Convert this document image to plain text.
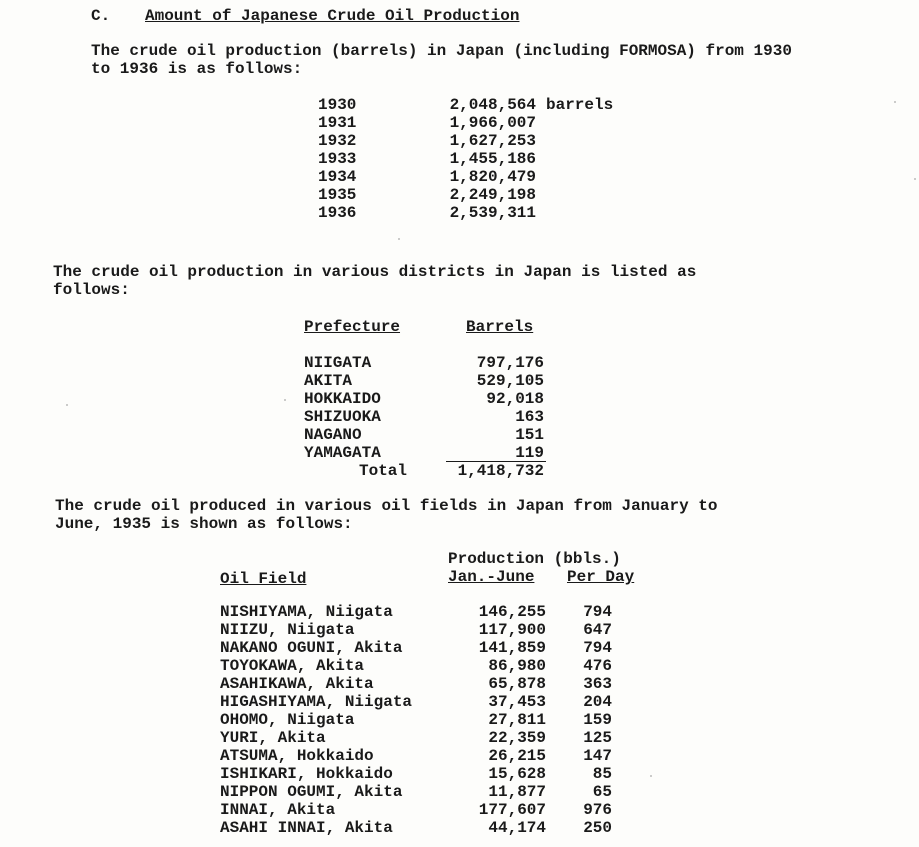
C. Amount of Japanese Crude Oil Production
The crude oil production (barrels) in Japan (including FORMOSA) from 1930
to 1936 is as follows:
1930	2,048,564 barrels
1931	1,966,007
1932	1,627,253
1933	1,455,186
1934	1,820,479
1935	2,249,198
1936	2,539,311
The crude oil production in various districts in Japan is listed as
follows:
Prefecture	Barrels
NIIGATA	797,176
AKITA	529,105
HOKKAIDO	92,018
SHIZUOKA	163
NAGANO	151
YAMAGATA	119
Total	1,418,732
The crude oil produced in various oil fields in Japan from January to
June, 1935 is shown as follows:
Production (bbls.)
Oil Field	Jan.-June Per Day
NISHIYAMA, Niigata	146,255	794
NIIZU, Niigata	117,900	647
NAKANO OGUNI, Akita	141,859	794
TOYOKAWA, Akita	86,980	476
ASAHIKAWA, Akita	65,878	363
HIGASHIYAMA, Niigata	37,453	204
OHOMO, Niigata	27,811	159
YURI, Akita	22,359	125
ATSUMA, Hokkaido	26,215	147
ISHIKARI, Hokkaido	15,628	85
NIPPON OGUMI, Akita	11,877	65
INNAI, Akita	177,607	976
ASAHI INNAI, Akita	44,174	250
